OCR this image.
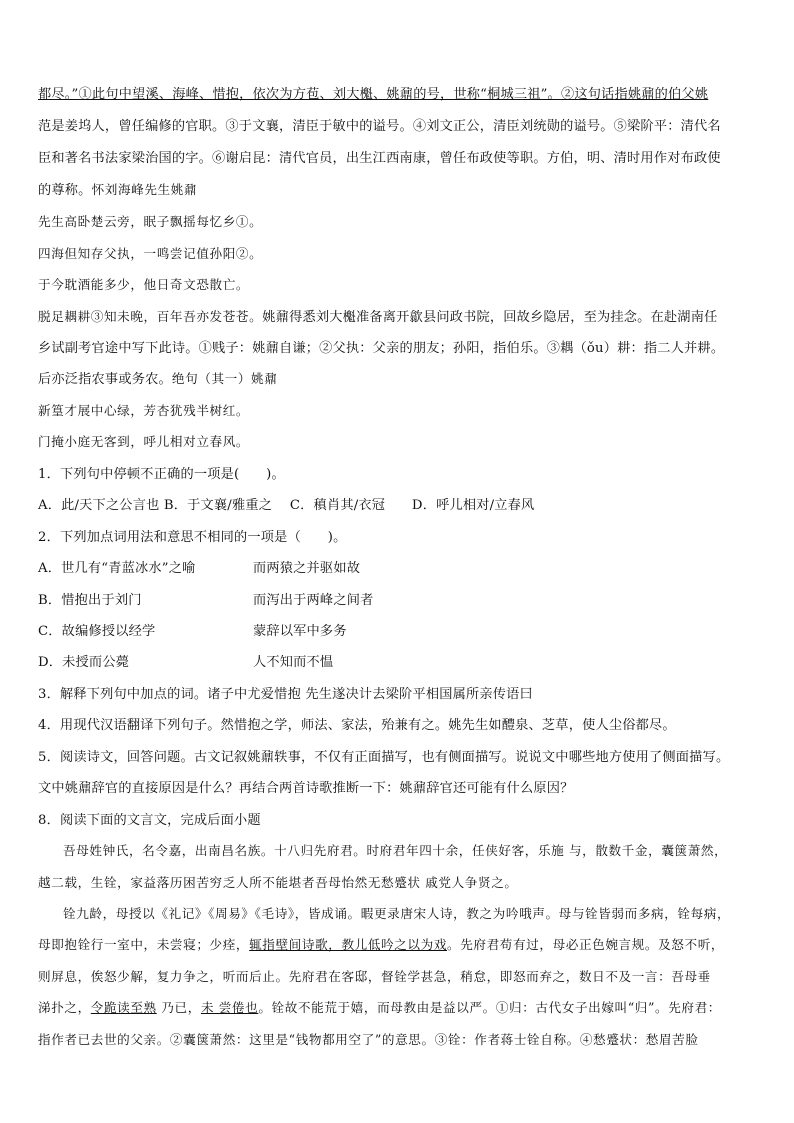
都尽。”①此句中望溪、海峰、惜抱，依次为方苞、刘大櫆、姚鼐的号，世称“桐城三祖”。②这句话指姚鼐的伯父姚
范是姜坞人，曾任编修的官职。③于文襄，清臣于敏中的谥号。④刘文正公，清臣刘统勋的谥号。⑤梁阶平：清代名
臣和著名书法家梁治国的字。⑥谢启昆：清代官员，出生江西南康，曾任布政使等职。方伯，明、清时用作对布政使
的尊称。怀刘海峰先生姚鼐
先生高卧楚云旁，眠子飘摇每忆乡①。
四海但知存父执，一鸣尝记值孙阳②。
于今耽酒能多少，他日奇文恐散亡。
脱足耦耕③知未晚，百年吾亦发苍苍。姚鼐得悉刘大櫆准备离开歙县问政书院，回故乡隐居，至为挂念。在赴湖南任
乡试副考官途中写下此诗。①贱子：姚鼐自谦；②父执：父亲的朋友；孙阳，指伯乐。③耦（ǒu）耕：指二人并耕。
后亦泛指农事或务农。绝句（其一）姚鼐
新篁才展中心绿，芳杏犹残半树红。
门掩小庭无客到，呼儿相对立春风。
1．下列句中停顿不正确的一项是(　　)。
A．此/天下之公言也 B．于文襄/雅重之　 C．稹肖其/衣冠　　D．呼儿相对/立春风
2．下列加点词用法和意思不相同的一项是（　　)。
A．世几有“青蓝冰水”之喻	而两猿之并驱如故
B．惜抱出于刘门	而泻出于两峰之间者
C．故编修授以经学	蒙辞以军中多务
D．未授而公薨	人不知而不愠
3．解释下列句中加点的词。诸子中尤爱惜抱 先生遂决计去梁阶平相国属所亲传语曰
4．用现代汉语翻译下列句子。然惜抱之学，师法、家法，殆兼有之。姚先生如醴泉、芝草，使人尘俗都尽。
5．阅读诗文，回答问题。古文记叙姚鼐轶事，不仅有正面描写，也有侧面描写。说说文中哪些地方使用了侧面描写。
文中姚鼐辞官的直接原因是什么？再结合两首诗歌推断一下：姚鼐辞官还可能有什么原因？
8．阅读下面的文言文，完成后面小题
吾母姓钟氏，名令嘉，出南昌名族。十八归先府君。时府君年四十余，任侠好客，乐施 与，散数千金，囊箧萧然，
越二载，生铨，家益落历困苦穷乏人所不能堪者吾母怡然无愁蹙状 戚党人争贤之。
铨九龄，母授以《礼记》《周易》《毛诗》，皆成诵。暇更录唐宋人诗，教之为吟哦声。母与铨皆弱而多病，铨每病，
母即抱铨行一室中，未尝寝；少痊，辄指壁间诗歌，教儿低吟之以为戏。先府君苟有过，母必正色婉言规。及怒不听，
则屏息，俟怒少解，复力争之，听而后止。先府君在客邸，督铨学甚急，稍怠，即怒而弃之，数日不及一言：吾母垂
涕扑之，令跪读至熟 乃已，未 尝倦也。铨故不能荒于嬉，而母教由是益以严。①归：古代女子出嫁叫“归”。先府君：
指作者已去世的父亲。②囊箧萧然：这里是“钱物都用空了”的意思。③铨：作者蒋士铨自称。④愁蹙状：愁眉苦脸
